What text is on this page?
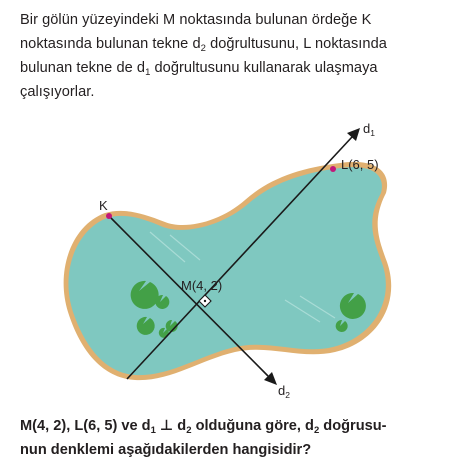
Bir gölün yüzeyindeki M noktasında bulunan ördeğe K
noktasında bulunan tekne $d_2$ doğrultusunu, L noktasında
bulunan tekne de $d_1$ doğrultusunu kullanarak ulaşmaya
çalışıyorlar.
K
L(6, 5)
M(4, 2)
$d_1$
$d_2$
M(4, 2), L(6, 5) ve $d_1$ ⊥ $d_2$ olduğuna göre, $d_2$ doğrusu-
nun denklemi aşağıdakilerden hangisidir?
